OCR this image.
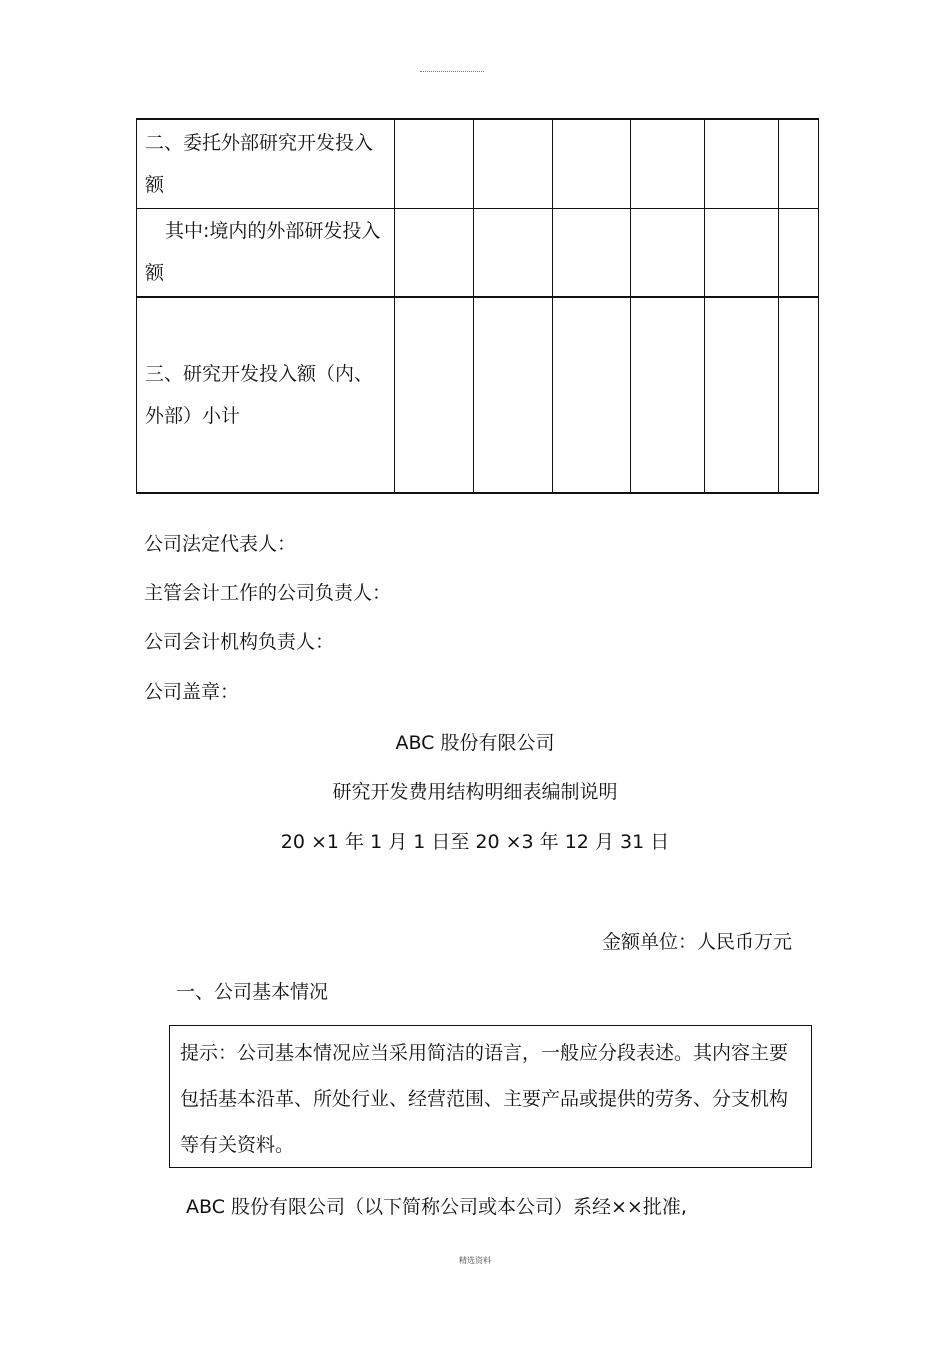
二、委托外部研究开发投入额						
其中:境内的外部研发投入额						
三、研究开发投入额（内、外部）小计						
公司法定代表人：
主管会计工作的公司负责人：
公司会计机构负责人：
公司盖章：
ABC 股份有限公司
研究开发费用结构明细表编制说明
20 ×1 年 1 月 1 日至 20 ×3 年 12 月 31 日
金额单位：人民币万元
一、公司基本情况
提示：公司基本情况应当采用简洁的语言，一般应分段表述。其内容主要包括基本沿革、所处行业、经营范围、主要产品或提供的劳务、分支机构等有关资料。
ABC 股份有限公司（以下简称公司或本公司）系经××批准,
精选资料
